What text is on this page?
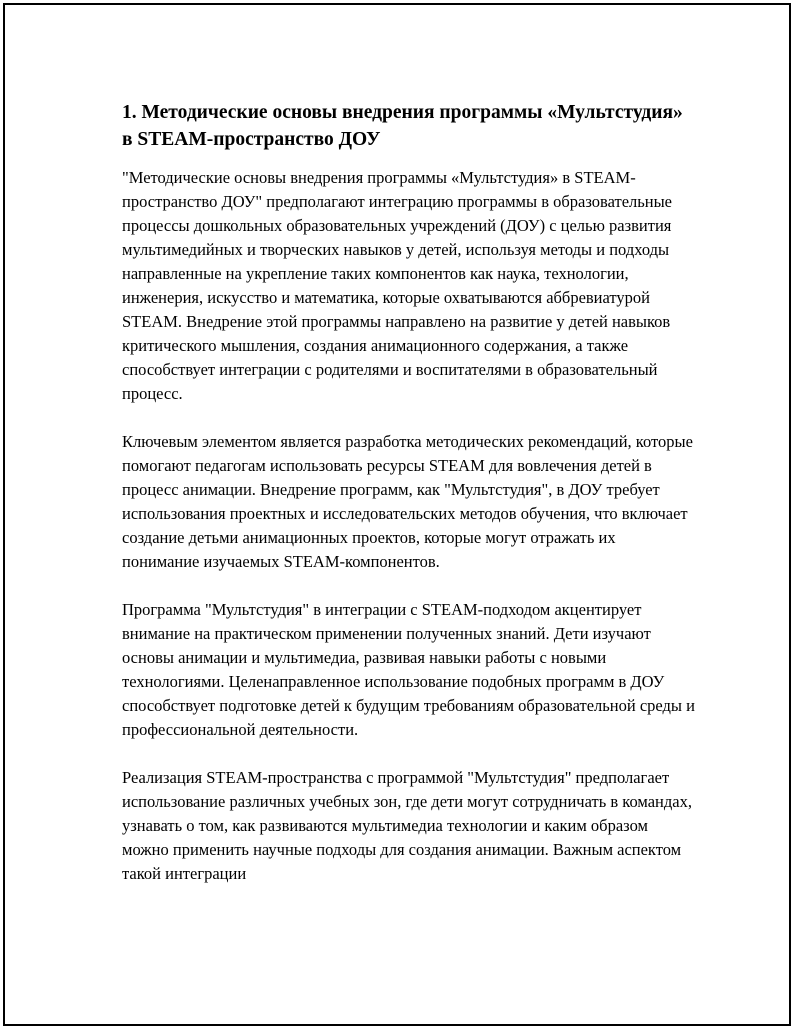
1. Методические основы внедрения программы «Мультстудия» в STEAM-пространство ДОУ

"Методические основы внедрения программы «Мультстудия» в STEAM-пространство ДОУ" предполагают интеграцию программы в образовательные процессы дошкольных образовательных учреждений (ДОУ) с целью развития мультимедийных и творческих навыков у детей, используя методы и подходы направленные на укрепление таких компонентов как наука, технологии, инженерия, искусство и математика, которые охватываются аббревиатурой STEAM. Внедрение этой программы направлено на развитие у детей навыков критического мышления, создания анимационного содержания, а также способствует интеграции с родителями и воспитателями в образовательный процесс.

Ключевым элементом является разработка методических рекомендаций, которые помогают педагогам использовать ресурсы STEAM для вовлечения детей в процесс анимации. Внедрение программ, как "Мультстудия", в ДОУ требует использования проектных и исследовательских методов обучения, что включает создание детьми анимационных проектов, которые могут отражать их понимание изучаемых STEAM-компонентов.

Программа "Мультстудия" в интеграции с STEAM-подходом акцентирует внимание на практическом применении полученных знаний. Дети изучают основы анимации и мультимедиа, развивая навыки работы с новыми технологиями. Целенаправленное использование подобных программ в ДОУ способствует подготовке детей к будущим требованиям образовательной среды и профессиональной деятельности.

Реализация STEAM-пространства с программой "Мультстудия" предполагает использование различных учебных зон, где дети могут сотрудничать в командах, узнавать о том, как развиваются мультимедиа технологии и каким образом можно применить научные подходы для создания анимации. Важным аспектом такой интеграции
